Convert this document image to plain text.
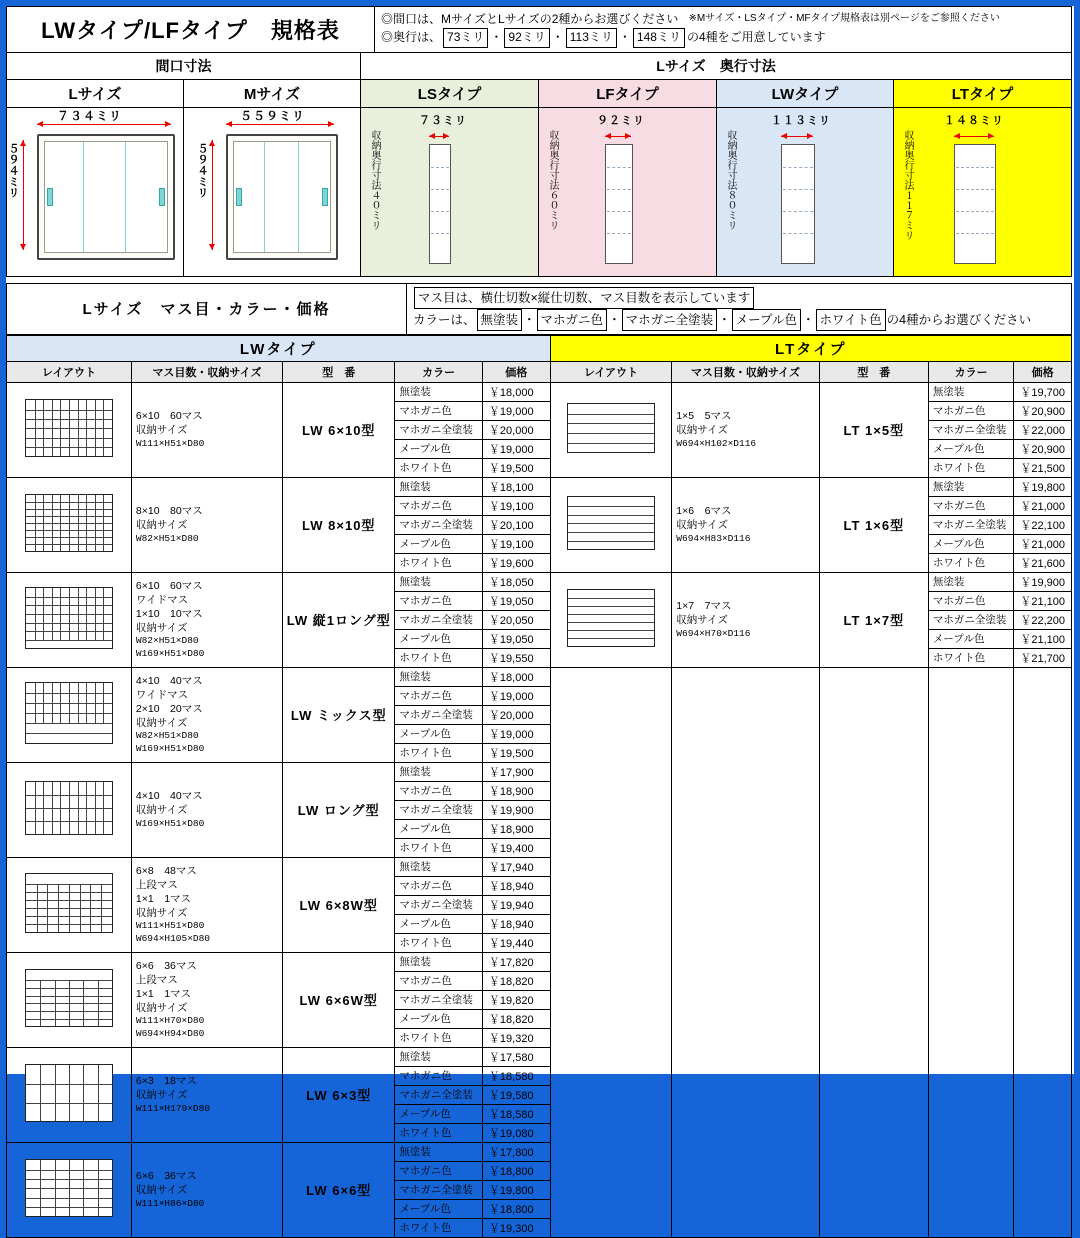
LWタイプ/LFタイプ　規格表	◎間口は、MサイズとLサイズの2種からお選びください ※Mサイズ・LSタイプ・MFタイプ規格表は別ページをご参照ください
◎奥行は、 73ミリ ・ 92ミリ ・ 113ミリ ・ 148ミリ の4種をご用意しています
間口寸法	Lサイズ　奥行寸法
Lサイズ	Mサイズ	LSタイプ	LFタイプ	LWタイプ	LTタイプ
７３４ミリ
５９４ミリ
５５９ミリ
５９４ミリ	収納奥行寸法４０ミリ
７３ミリ
収納奥行寸法６０ミリ
９２ミリ
収納奥行寸法８０ミリ
１１３ミリ
収納奥行寸法１１７ミリ
１４８ミリ
Lサイズ　マス目・カラー・価格
マス目は、横仕切数×縦仕切数、マス目数を表示しています
カラーは、 無塗装 ・ マホガニ色 ・ マホガニ全塗装 ・ メープル色 ・ ホワイト色 の4種からお選びください
LWタイプ					LTタイプ				
レイアウト	マス目数・収納サイズ	型　番	カラー	価格	レイアウト	マス目数・収納サイズ	型　番	カラー	価格

6×10　60マス
収納サイズ
W111×H51×D80
	LW 6×10型	無塗装	￥18,000	

1×5　5マス
収納サイズ
W694×H102×D116
	LT 1×5型	無塗装	￥19,700
			マホガニ色	￥19,000				マホガニ色	￥20,900
			マホガニ全塗装	￥20,000				マホガニ全塗装	￥22,000
			メープル色	￥19,000				メープル色	￥20,900
			ホワイト色	￥19,500				ホワイト色	￥21,500

8×10　80マス
収納サイズ
W82×H51×D80
	LW 8×10型	無塗装	￥18,100	

1×6　6マス
収納サイズ
W694×H83×D116
	LT 1×6型	無塗装	￥19,800
			マホガニ色	￥19,100				マホガニ色	￥21,000
			マホガニ全塗装	￥20,100				マホガニ全塗装	￥22,100
			メープル色	￥19,100				メープル色	￥21,000
			ホワイト色	￥19,600				ホワイト色	￥21,600

6×10　60マス
ワイドマス
1×10　10マス
収納サイズ
W82×H51×D80
W169×H51×D80
	LW 縦1ロング型	無塗装	￥18,050	

1×7　7マス
収納サイズ
W694×H70×D116
	LT 1×7型	無塗装	￥19,900
			マホガニ色	￥19,050				マホガニ色	￥21,100
			マホガニ全塗装	￥20,050				マホガニ全塗装	￥22,200
			メープル色	￥19,050				メープル色	￥21,100
			ホワイト色	￥19,550				ホワイト色	￥21,700

4×10　40マス
ワイドマス
2×10　20マス
収納サイズ
W82×H51×D80
W169×H51×D80
	LW ミックス型	無塗装	￥18,000					
			マホガニ色	￥19,000					
			マホガニ全塗装	￥20,000					
			メープル色	￥19,000					
			ホワイト色	￥19,500					

	4×10　40マス
収納サイズ
W169×H51×D80	LW ロング型	無塗装	￥17,900					
			マホガニ色	￥18,900					
			マホガニ全塗装	￥19,900					
			メープル色	￥18,900					
			ホワイト色	￥19,400					

6×8　48マス
上段マス
1×1　1マス
収納サイズ
W111×H51×D80
W694×H105×D80
	LW 6×8W型	無塗装	￥17,940
			マホガニ色	￥18,940					
			マホガニ全塗装	￥19,940					
			メープル色	￥18,940					
			ホワイト色	￥19,440					

6×6　36マス
上段マス
1×1　1マス
収納サイズ
W111×H70×D80
W694×H94×D80
	LW 6×6W型	無塗装	￥17,820
			マホガニ色	￥18,820					
			マホガニ全塗装	￥19,820					
			メープル色	￥18,820					
			ホワイト色	￥19,320					

	6×3　18マス
収納サイズ
W111×H179×D80	LW 6×3型	無塗装	￥17,580					
			マホガニ色	￥18,580					
			マホガニ全塗装	￥19,580					
			メープル色	￥18,580					
			ホワイト色	￥19,080					

	6×6　36マス
収納サイズ
W111×H86×D80	LW 6×6型	無塗装	￥17,800					
			マホガニ色	￥18,800					
			マホガニ全塗装	￥19,800					
			メープル色	￥18,800					
			ホワイト色	￥19,300					
